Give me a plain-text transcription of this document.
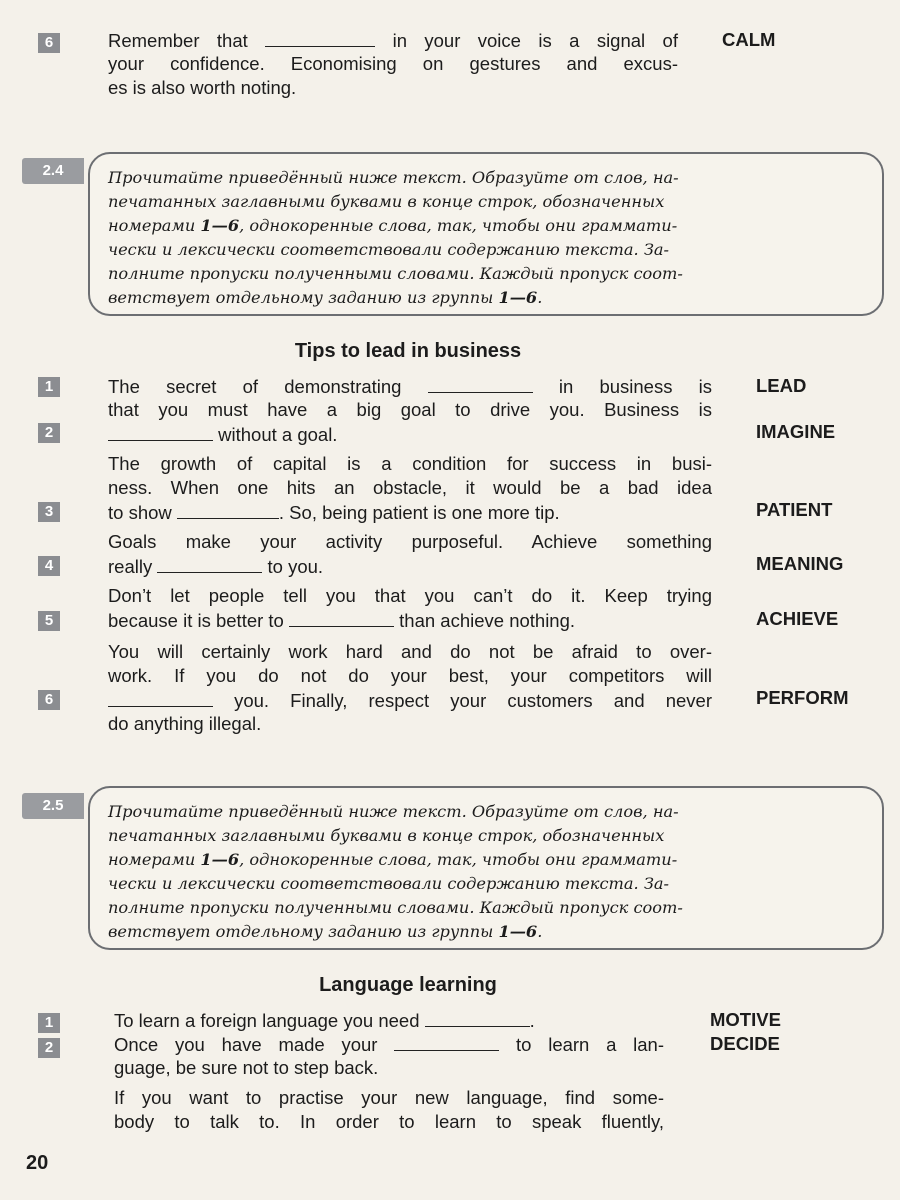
6	Remember that	in your voice is a signal of
your confidence. Economising on gestures and excus-
es is also worth noting.
CALM
2.4	Прочитайте приведённый ниже текст. Образуйте от слов, на-
печатанных заглавными буквами в конце строк, обозначенных
номерами 1—6, однокоренные слова, так, чтобы они граммати-
чески и лексически соответствовали содержанию текста. За-
полните пропуски полученными словами. Каждый пропуск соот-
ветствует отдельному заданию из группы 1—6.
Tips to lead in business
1
2
3
4
5
6
The secret of demonstrating	in business is
that you must have a big goal to drive you. Business is
without a goal.
The growth of capital is a condition for success in busi-
ness. When one hits an obstacle, it would be a bad idea
to show	. So, being patient is one more tip.
Goals make your activity purposeful. Achieve something
really	to you.
Don’t let people tell you that you can’t do it. Keep trying
because it is better to	than achieve nothing.
You will certainly work hard and do not be afraid to over-
work. If you do not do your best, your competitors will
you. Finally, respect your customers and never
do anything illegal.
LEAD
IMAGINE
PATIENT
MEANING
ACHIEVE
PERFORM
2.5	Прочитайте приведённый ниже текст. Образуйте от слов, на-
печатанных заглавными буквами в конце строк, обозначенных
номерами 1—6, однокоренные слова, так, чтобы они граммати-
чески и лексически соответствовали содержанию текста. За-
полните пропуски полученными словами. Каждый пропуск соот-
ветствует отдельному заданию из группы 1—6.
Language learning
1
2
To learn a foreign language you need	.
Once you have made your	to learn a lan-
guage, be sure not to step back.
If you want to practise your new language, find some-
body to talk to. In order to learn to speak fluently,
MOTIVE
DECIDE
20
